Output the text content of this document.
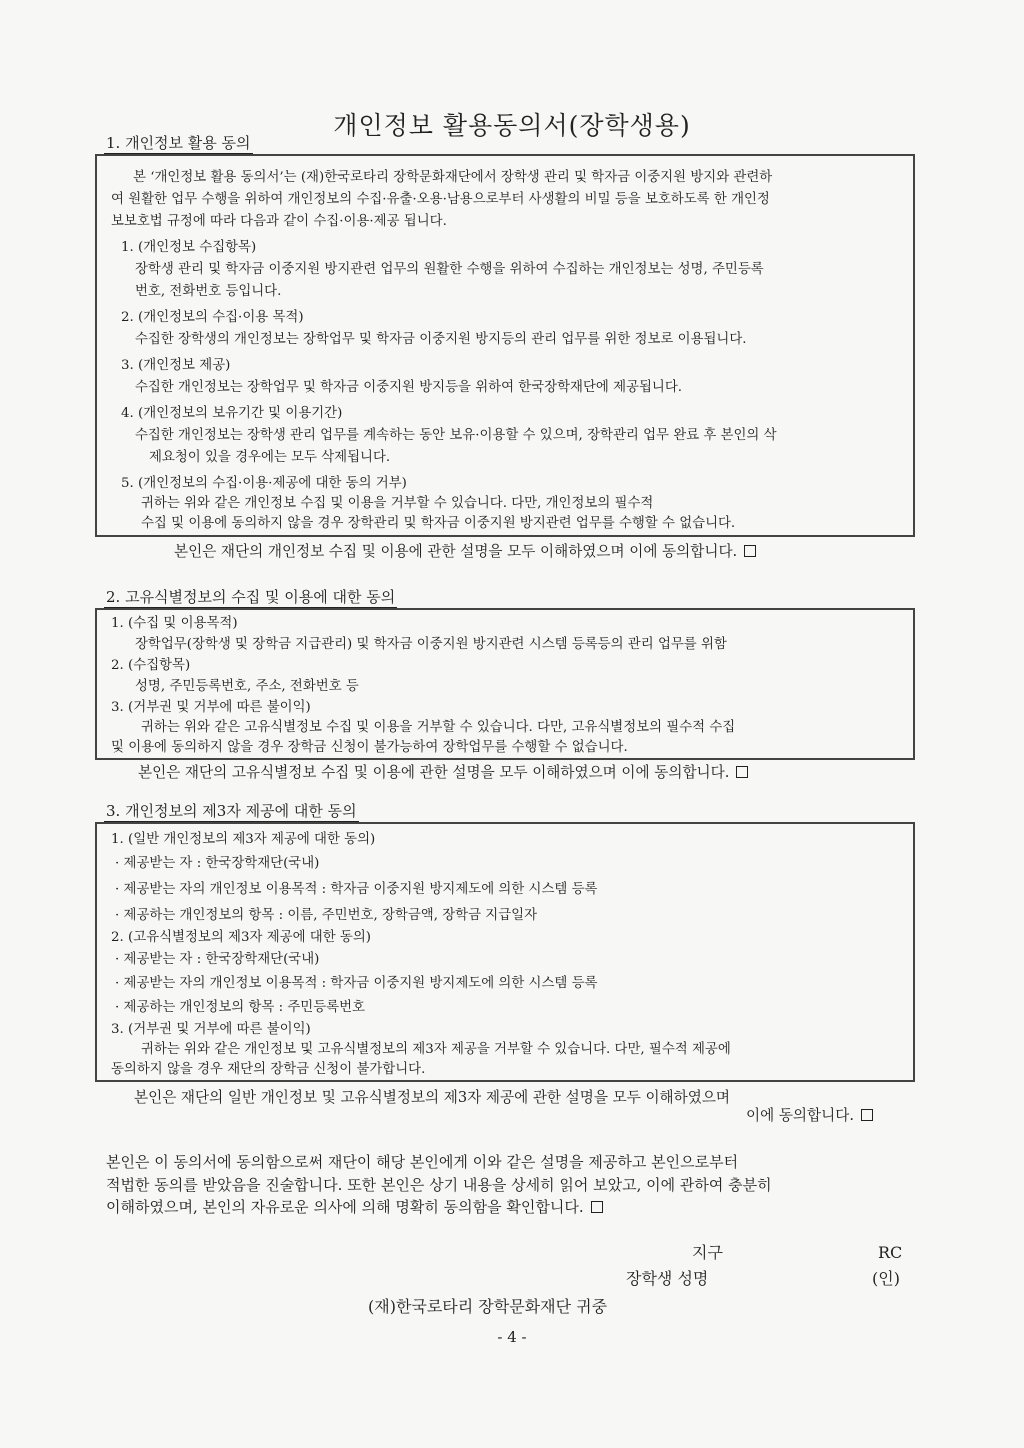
개인정보 활용동의서(장학생용)
1. 개인정보 활용 동의
본 ‘개인정보 활용 동의서’는 (재)한국로타리 장학문화재단에서 장학생 관리 및 학자금 이중지원 방지와 관련하
여 원활한 업무 수행을 위하여 개인정보의 수집·유출·오용·남용으로부터 사생활의 비밀 등을 보호하도록 한 개인정
보보호법 규정에 따라 다음과 같이 수집·이용·제공 됩니다.
1. (개인정보 수집항목)
장학생 관리 및 학자금 이중지원 방지관련 업무의 원활한 수행을 위하여 수집하는 개인정보는 성명, 주민등록
번호, 전화번호 등입니다.
2. (개인정보의 수집·이용 목적)
수집한 장학생의 개인정보는 장학업무 및 학자금 이중지원 방지등의 관리 업무를 위한 정보로 이용됩니다.
3. (개인정보 제공)
수집한 개인정보는 장학업무 및 학자금 이중지원 방지등을 위하여 한국장학재단에 제공됩니다.
4. (개인정보의 보유기간 및 이용기간)
수집한 개인정보는 장학생 관리 업무를 계속하는 동안 보유·이용할 수 있으며, 장학관리 업무 완료 후 본인의 삭
제요청이 있을 경우에는 모두 삭제됩니다.
5. (개인정보의 수집·이용·제공에 대한 동의 거부)
귀하는 위와 같은 개인정보 수집 및 이용을 거부할 수 있습니다. 다만, 개인정보의 필수적
수집 및 이용에 동의하지 않을 경우 장학관리 및 학자금 이중지원 방지관련 업무를 수행할 수 없습니다.
본인은 재단의 개인정보 수집 및 이용에 관한 설명을 모두 이해하였으며 이에 동의합니다.
2. 고유식별정보의 수집 및 이용에 대한 동의
1. (수집 및 이용목적)
장학업무(장학생 및 장학금 지급관리) 및 학자금 이중지원 방지관련 시스템 등록등의 관리 업무를 위함
2. (수집항목)
성명, 주민등록번호, 주소, 전화번호 등
3. (거부권 및 거부에 따른 불이익)
귀하는 위와 같은 고유식별정보 수집 및 이용을 거부할 수 있습니다. 다만, 고유식별정보의 필수적 수집
및 이용에 동의하지 않을 경우 장학금 신청이 불가능하여 장학업무를 수행할 수 없습니다.
본인은 재단의 고유식별정보 수집 및 이용에 관한 설명을 모두 이해하였으며 이에 동의합니다.
3. 개인정보의 제3자 제공에 대한 동의
1. (일반 개인정보의 제3자 제공에 대한 동의)
· 제공받는 자 : 한국장학재단(국내)
· 제공받는 자의 개인정보 이용목적 : 학자금 이중지원 방지제도에 의한 시스템 등록
· 제공하는 개인정보의 항목 : 이름, 주민번호, 장학금액, 장학금 지급일자
2. (고유식별정보의 제3자 제공에 대한 동의)
· 제공받는 자 : 한국장학재단(국내)
· 제공받는 자의 개인정보 이용목적 : 학자금 이중지원 방지제도에 의한 시스템 등록
· 제공하는 개인정보의 항목 : 주민등록번호
3. (거부권 및 거부에 따른 불이익)
귀하는 위와 같은 개인정보 및 고유식별정보의 제3자 제공을 거부할 수 있습니다. 다만, 필수적 제공에
동의하지 않을 경우 재단의 장학금 신청이 불가합니다.
본인은 재단의 일반 개인정보 및 고유식별정보의 제3자 제공에 관한 설명을 모두 이해하였으며
이에 동의합니다.
본인은 이 동의서에 동의함으로써 재단이 해당 본인에게 이와 같은 설명을 제공하고 본인으로부터
적법한 동의를 받았음을 진술합니다. 또한 본인은 상기 내용을 상세히 읽어 보았고, 이에 관하여 충분히
이해하였으며, 본인의 자유로운 의사에 의해 명확히 동의함을 확인합니다.
지구	RC
장학생 성명	(인)
(재)한국로타리 장학문화재단 귀중
- 4 -
